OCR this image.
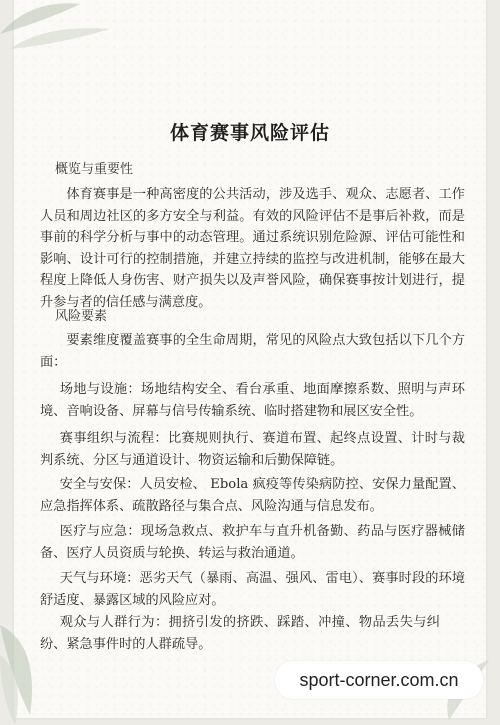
体育赛事风险评估
概览与重要性
体育赛事是一种高密度的公共活动，涉及选手、观众、志愿者、工作人员和周边社区的多方安全与利益。有效的风险评估不是事后补救，而是事前的科学分析与事中的动态管理。通过系统识别危险源、评估可能性和影响、设计可行的控制措施，并建立持续的监控与改进机制，能够在最大程度上降低人身伤害、财产损失以及声誉风险，确保赛事按计划进行，提升参与者的信任感与满意度。
风险要素
要素维度覆盖赛事的全生命周期，常见的风险点大致包括以下几个方面：
场地与设施：场地结构安全、看台承重、地面摩擦系数、照明与声环境、音响设备、屏幕与信号传输系统、临时搭建物和展区安全性。
赛事组织与流程：比赛规则执行、赛道布置、起终点设置、计时与裁判系统、分区与通道设计、物资运输和后勤保障链。
安全与安保：人员安检、 Ebola 疯疫等传染病防控、安保力量配置、应急指挥体系、疏散路径与集合点、风险沟通与信息发布。
医疗与应急：现场急救点、救护车与直升机备勤、药品与医疗器械储备、医疗人员资质与轮换、转运与救治通道。
天气与环境：恶劣天气（暴雨、高温、强风、雷电）、赛事时段的环境舒适度、暴露区域的风险应对。
观众与人群行为：拥挤引发的挤跌、踩踏、冲撞、物品丢失与纠纷、紧急事件时的人群疏导。
sport-corner.com.cn
